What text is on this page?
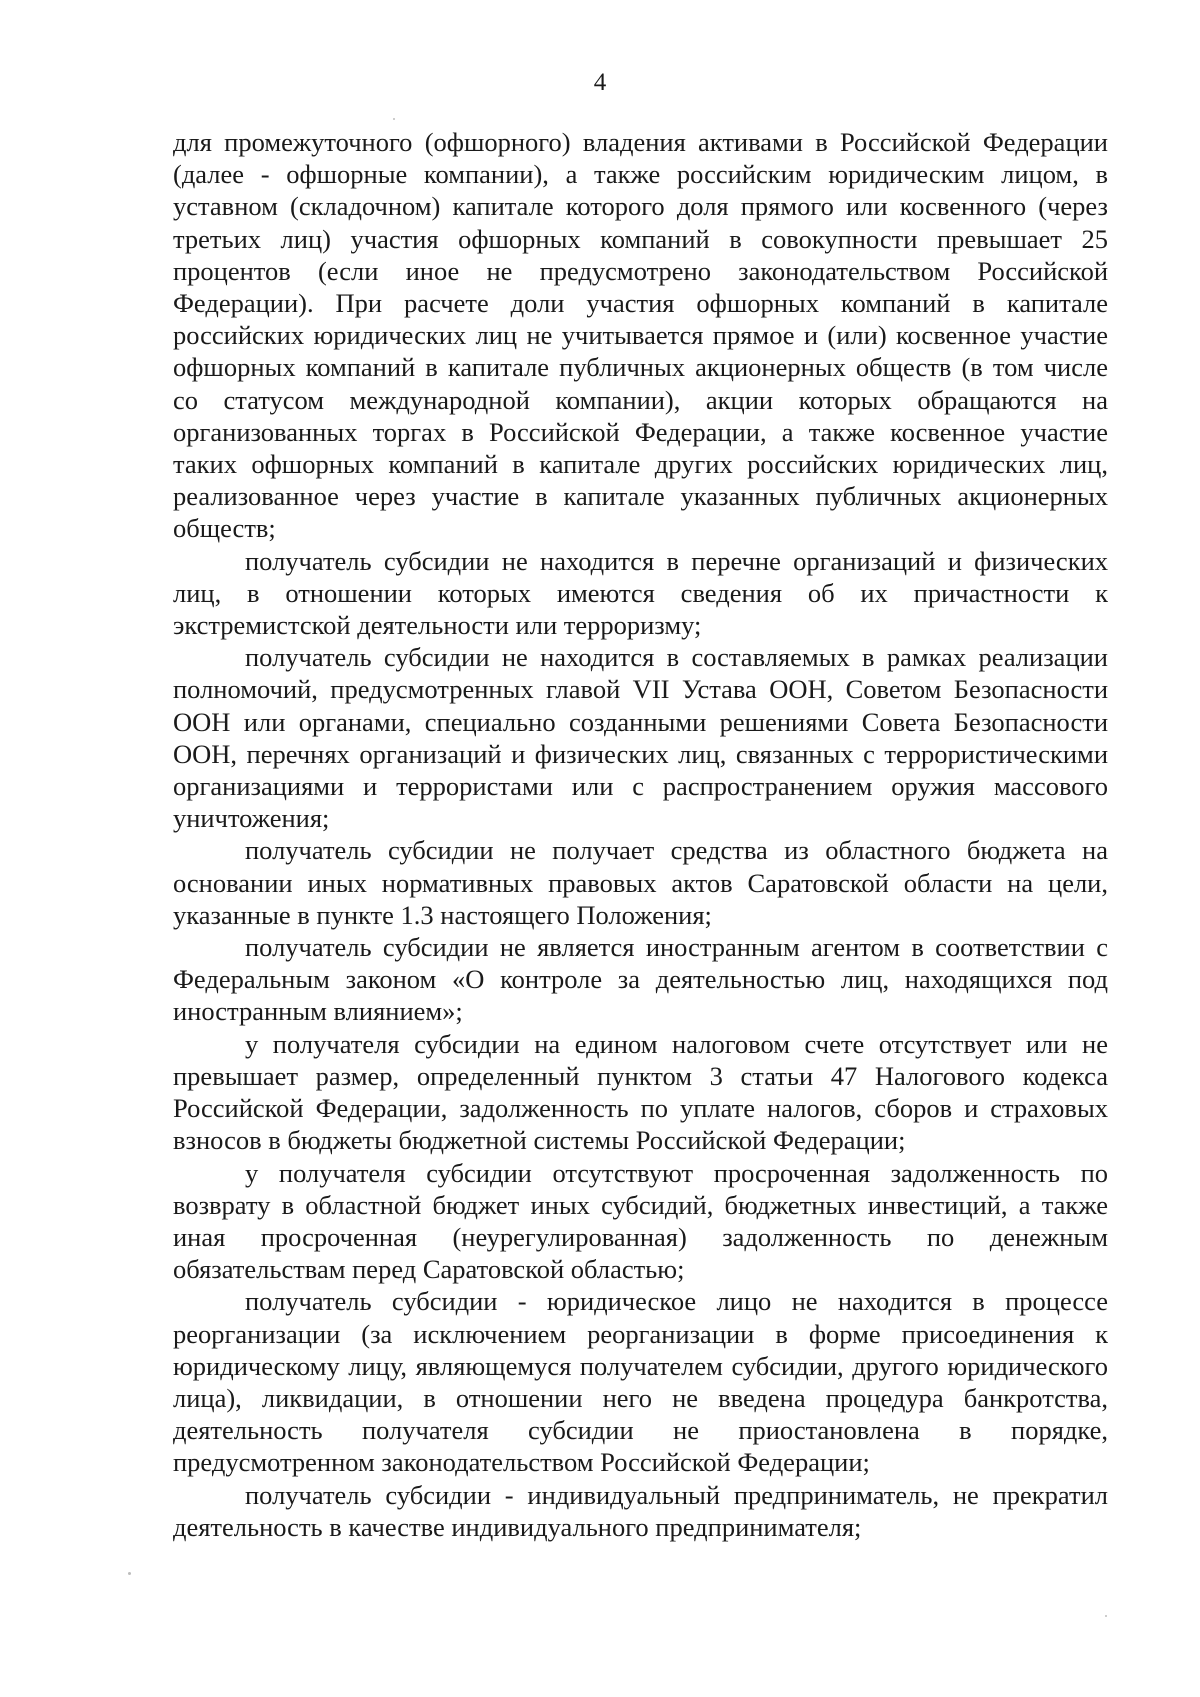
4

для промежуточного (офшорного) владения активами в Российской Федерации (далее - офшорные компании), а также российским юридическим лицом, в уставном (складочном) капитале которого доля прямого или косвенного (через третьих лиц) участия офшорных компаний в совокупности превышает 25 процентов (если иное не предусмотрено законодательством Российской Федерации). При расчете доли участия офшорных компаний в капитале российских юридических лиц не учитывается прямое и (или) косвенное участие офшорных компаний в капитале публичных акционерных обществ (в том числе со статусом международной компании), акции которых обращаются на организованных торгах в Российской Федерации, а также косвенное участие таких офшорных компаний в капитале других российских юридических лиц, реализованное через участие в капитале указанных публичных акционерных обществ;

получатель субсидии не находится в перечне организаций и физических лиц, в отношении которых имеются сведения об их причастности к экстремистской деятельности или терроризму;

получатель субсидии не находится в составляемых в рамках реализации полномочий, предусмотренных главой VII Устава ООН, Советом Безопасности ООН или органами, специально созданными решениями Совета Безопасности ООН, перечнях организаций и физических лиц, связанных с террористическими организациями и террористами или с распространением оружия массового уничтожения;

получатель субсидии не получает средства из областного бюджета на основании иных нормативных правовых актов Саратовской области на цели, указанные в пункте 1.3 настоящего Положения;

получатель субсидии не является иностранным агентом в соответствии с Федеральным законом «О контроле за деятельностью лиц, находящихся под иностранным влиянием»;

у получателя субсидии на едином налоговом счете отсутствует или не превышает размер, определенный пунктом 3 статьи 47 Налогового кодекса Российской Федерации, задолженность по уплате налогов, сборов и страховых взносов в бюджеты бюджетной системы Российской Федерации;

у получателя субсидии отсутствуют просроченная задолженность по возврату в областной бюджет иных субсидий, бюджетных инвестиций, а также иная просроченная (неурегулированная) задолженность по денежным обязательствам перед Саратовской областью;

получатель субсидии - юридическое лицо не находится в процессе реорганизации (за исключением реорганизации в форме присоединения к юридическому лицу, являющемуся получателем субсидии, другого юридического лица), ликвидации, в отношении него не введена процедура банкротства, деятельность получателя субсидии не приостановлена в порядке, предусмотренном законодательством Российской Федерации;

получатель субсидии - индивидуальный предприниматель, не прекратил деятельность в качестве индивидуального предпринимателя;
